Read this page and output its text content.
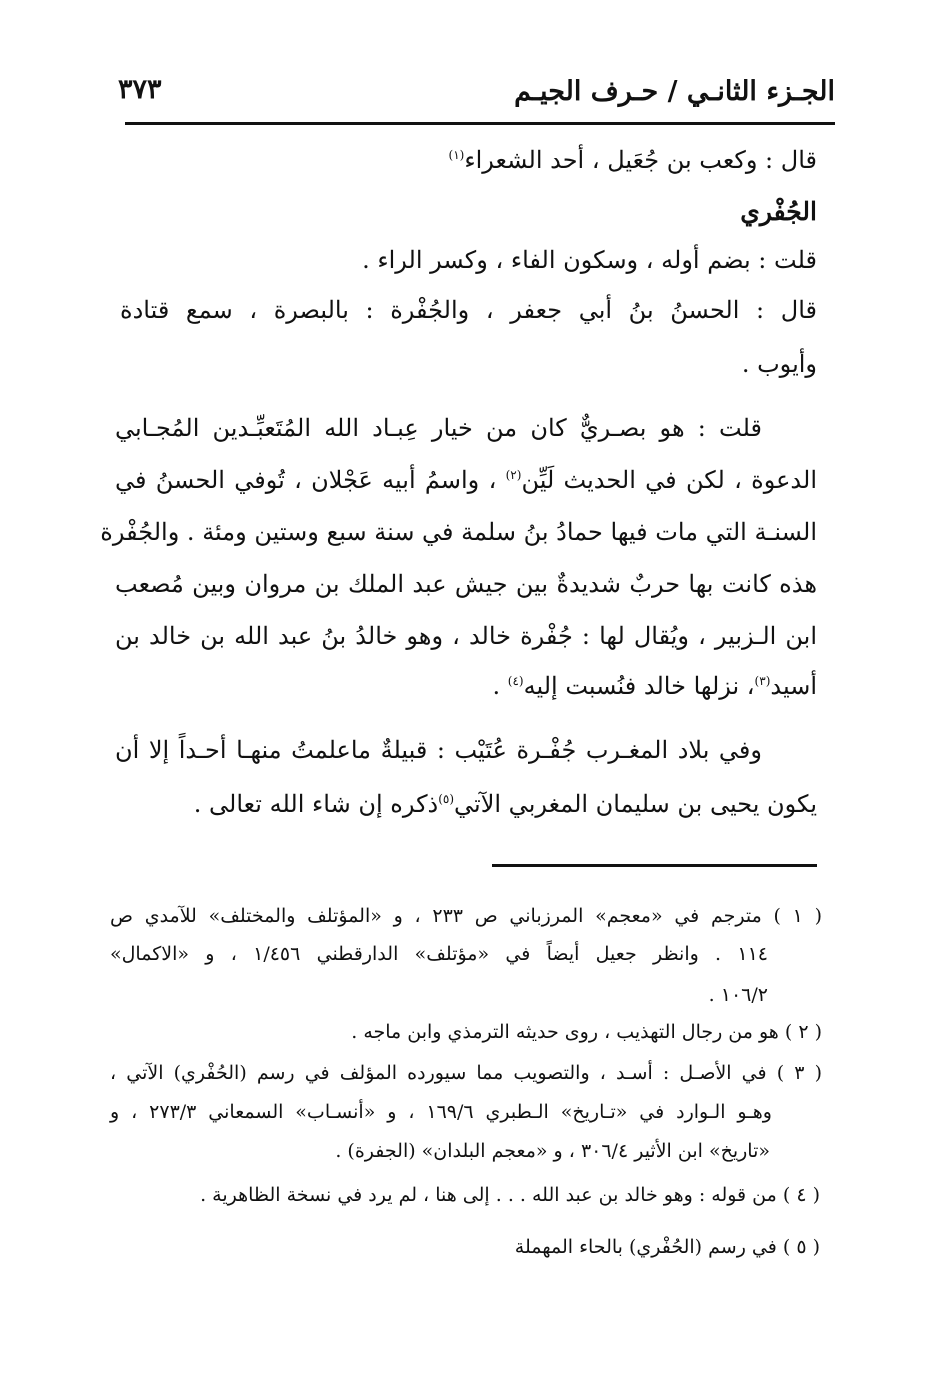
الجـزء الثانـي / حـرف الجيـم
٣٧٣
قال : وكعب بن جُعَيل ، أحد الشعراء$^{(١)}$
الجُفْري
قلت : بضم أوله ، وسكون الفاء ، وكسر الراء .
قال : الحسنُ بنُ أبي جعفر ، والجُفْرة : بالبصرة ، سمع قتادة
وأيوب .
قلت : هو بصـريٌّ كان من خيار عِبـاد الله المُتَعبِّـدين المُجـابي
الدعوة ، لكن في الحديث لَيِّن$^{(٢)}$ ، واسمُ أبيه عَجْلان ، تُوفي الحسنُ في
السنـة التي مات فيها حمادُ بنُ سلمة في سنة سبع وستين ومئة . والجُفْرة
هذه كانت بها حربٌ شديدةٌ بين جيش عبد الملك بن مروان وبين مُصعب
ابن الـزبير ، ويُقال لها : جُفْرة خالد ، وهو خالدُ بنُ عبد الله بن خالد بن
أسيد$^{(٣)}$، نزلها خالد فنُسبت إليه$^{(٤)}$ .
وفي بلاد المغـرب جُفْـرة عُتَيْب : قبيلةٌ ماعلمتُ منهـا أحـداً إلا أن
يكون يحيى بن سليمان المغربي الآتي$^{(٥)}$ذكره إن شاء الله تعالى .
( ١ ) مترجم في «معجم» المرزباني ص ٢٣٣ ، و «المؤتلف والمختلف» للآمدي ص
١١٤ . وانظر جعيل أيضاً في «مؤتلف» الدارقطني ١/٤٥٦ ، و «الاكمال»
١٠٦/٢ .
( ٢ ) هو من رجال التهذيب ، روى حديثه الترمذي وابن ماجه .
( ٣ ) في الأصـل : أسـد ، والتصويب مما سيورده المؤلف في رسم (الحُفْري) الآتي ،
وهـو الـوارد في «تـاريخ» الـطبري ١٦٩/٦ ، و «أنسـاب» السمعاني ٢٧٣/٣ ، و
«تاريخ» ابن الأثير ٣٠٦/٤ ، و «معجم البلدان» (الجفرة) .
( ٤ ) من قوله : وهو خالد بن عبد الله . . . إلى هنا ، لم يرد في نسخة الظاهرية .
( ٥ ) في رسم (الحُفْري) بالحاء المهملة
